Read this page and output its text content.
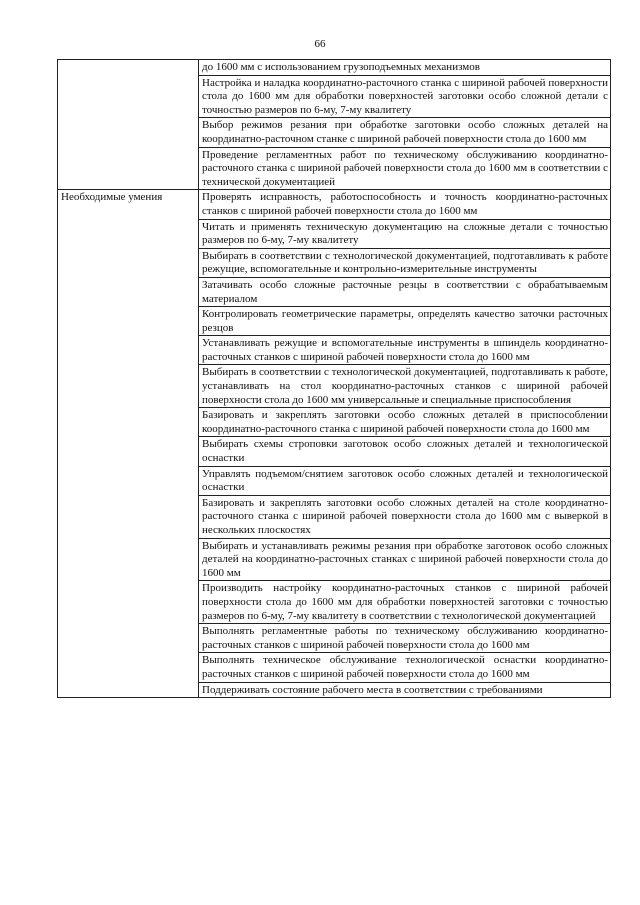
66
	до 1600 мм с использованием грузоподъемных механизмов
	Настройка и наладка координатно-расточного станка с шириной рабочей поверхности стола до 1600 мм для обработки поверхностей заготовки особо сложной детали с точностью размеров по 6-му, 7-му квалитету
	Выбор режимов резания при обработке заготовки особо сложных деталей на координатно-расточном станке с шириной рабочей поверхности стола до 1600 мм
	Проведение регламентных работ по техническому обслуживанию координатно-расточного станка с шириной рабочей поверхности стола до 1600 мм в соответствии с технической документацией

Необходимые умения	Проверять исправность, работоспособность и точность координатно-расточных станков с шириной рабочей поверхности стола до 1600 мм
	Читать и применять техническую документацию на сложные детали с точностью размеров по 6-му, 7-му квалитету
	Выбирать в соответствии с технологической документацией, подготавливать к работе режущие, вспомогательные и контрольно-измерительные инструменты
	Затачивать особо сложные расточные резцы в соответствии с обрабатываемым материалом
	Контролировать геометрические параметры, определять качество заточки расточных резцов
	Устанавливать режущие и вспомогательные инструменты в шпиндель координатно-расточных станков с шириной рабочей поверхности стола до 1600 мм
	Выбирать в соответствии с технологической документацией, подготавливать к работе, устанавливать на стол координатно-расточных станков с шириной рабочей поверхности стола до 1600 мм универсальные и специальные приспособления
	Базировать и закреплять заготовки особо сложных деталей в приспособлении координатно-расточного станка с шириной рабочей поверхности стола до 1600 мм
	Выбирать схемы строповки заготовок особо сложных деталей и технологической оснастки
	Управлять подъемом/снятием заготовок особо сложных деталей и технологической оснастки
	Базировать и закреплять заготовки особо сложных деталей на столе координатно-расточного станка с шириной рабочей поверхности стола до 1600 мм с выверкой в нескольких плоскостях
	Выбирать и устанавливать режимы резания при обработке заготовок особо сложных деталей на координатно-расточных станках с шириной рабочей поверхности стола до 1600 мм
	Производить настройку координатно-расточных станков с шириной рабочей поверхности стола до 1600 мм для обработки поверхностей заготовки с точностью размеров по 6-му, 7-му квалитету в соответствии с технологической документацией
	Выполнять регламентные работы по техническому обслуживанию координатно-расточных станков с шириной рабочей поверхности стола до 1600 мм
	Выполнять техническое обслуживание технологической оснастки координатно-расточных станков с шириной рабочей поверхности стола до 1600 мм
	Поддерживать состояние рабочего места в соответствии с требованиями
